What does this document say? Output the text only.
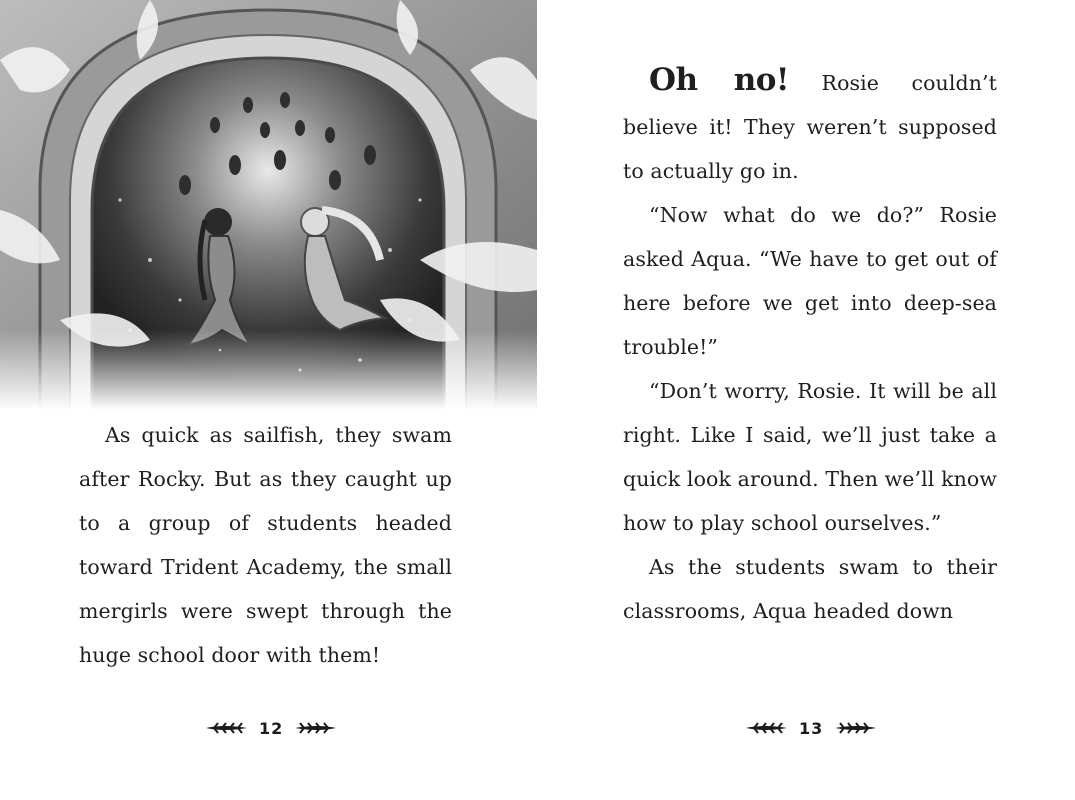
As quick as sailfish, they swam after Rocky. But as they caught up to a group of students headed toward Trident Academy, the small mergirls were swept through the huge school door with them!

12

Oh no! Rosie couldn’t believe it! They weren’t supposed to actually go in.

“Now what do we do?” Rosie asked Aqua. “We have to get out of here before we get into deep-sea trouble!”

“Don’t worry, Rosie. It will be all right. Like I said, we’ll just take a quick look around. Then we’ll know how to play school ourselves.”

As the students swam to their classrooms, Aqua headed down

13
